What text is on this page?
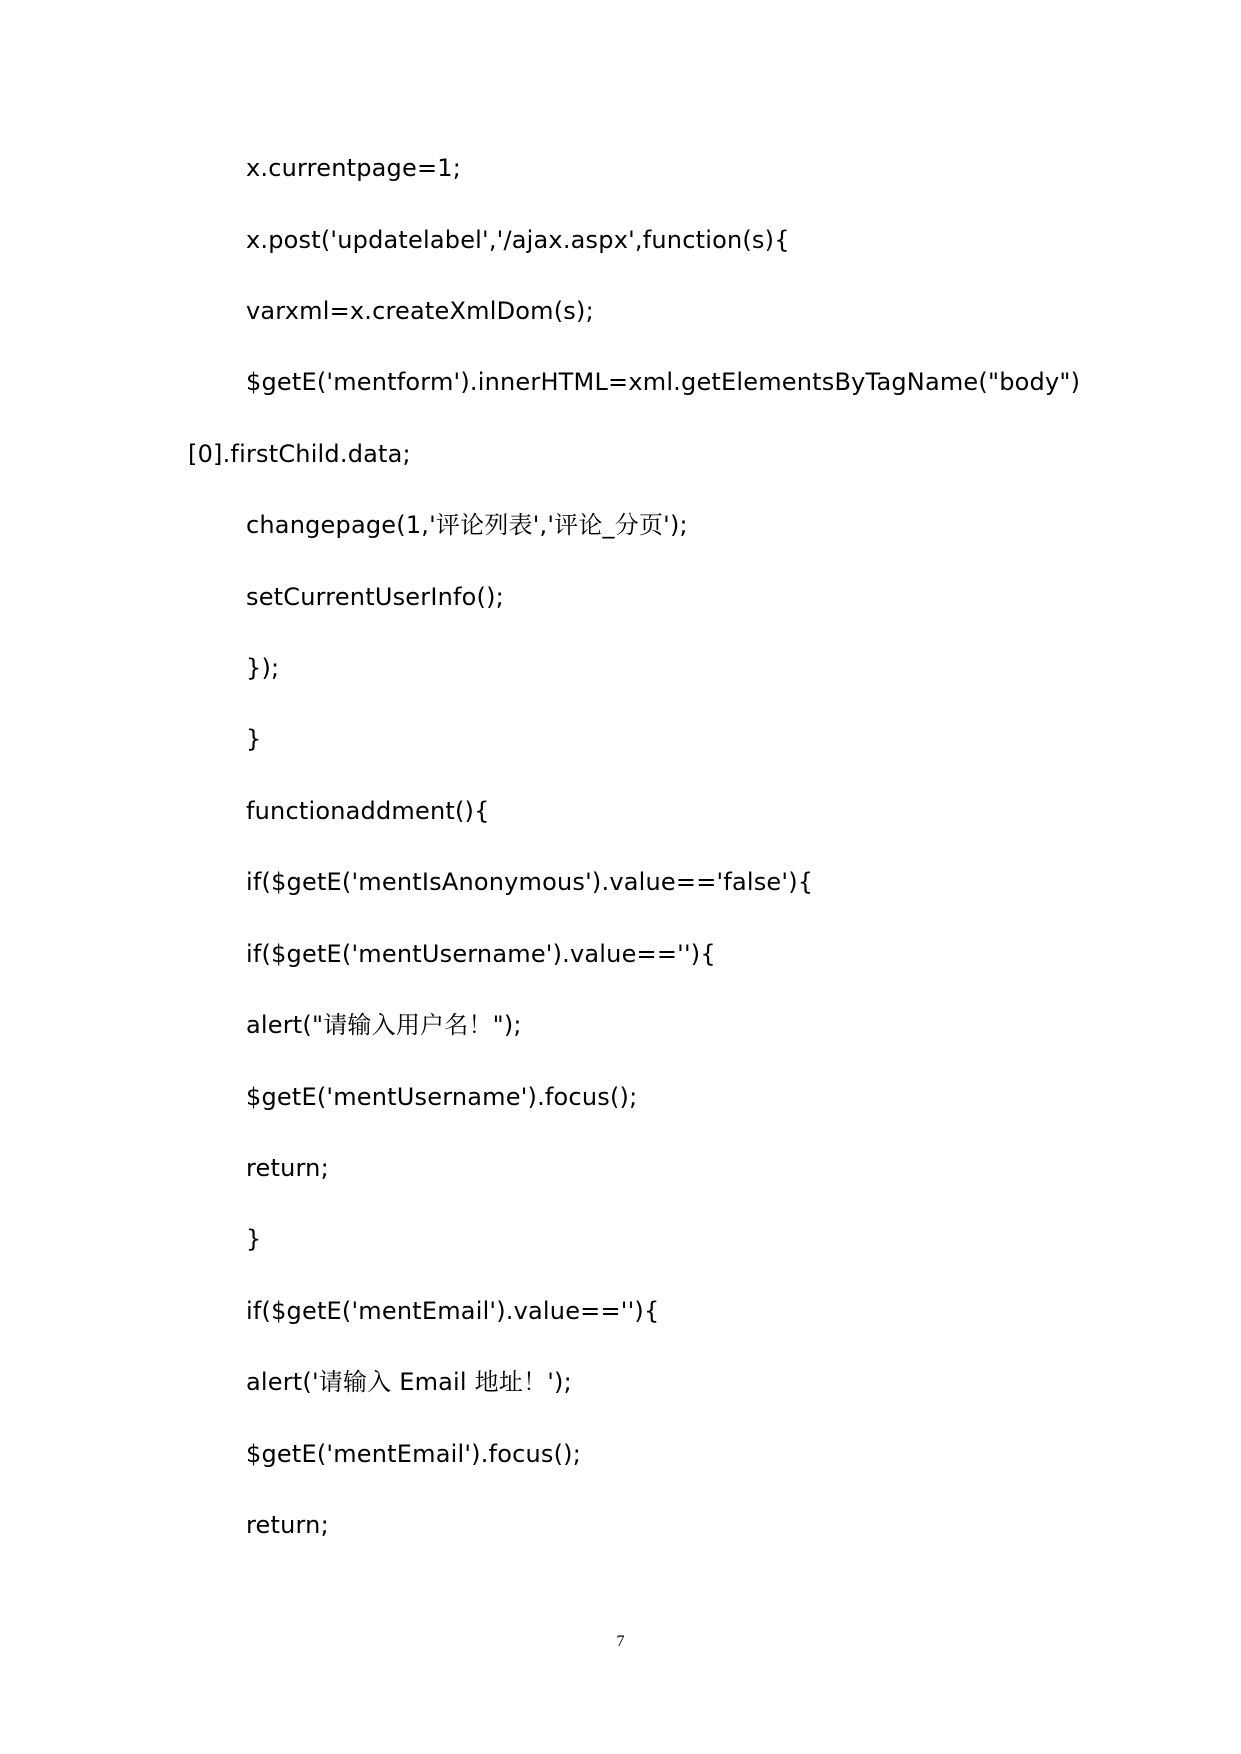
x.currentpage=1;
x.post('updatelabel','/ajax.aspx',function(s){
varxml=x.createXmlDom(s);
$getE('mentform').innerHTML=xml.getElementsByTagName("body")
[0].firstChild.data;
changepage(1,'评论列表','评论_分页');
setCurrentUserInfo();
});
}
functionaddment(){
if($getE('mentIsAnonymous').value=='false'){
if($getE('mentUsername').value==''){
alert("请输入用户名！");
$getE('mentUsername').focus();
return;
}
if($getE('mentEmail').value==''){
alert('请输入 Email 地址！');
$getE('mentEmail').focus();
return;
7
